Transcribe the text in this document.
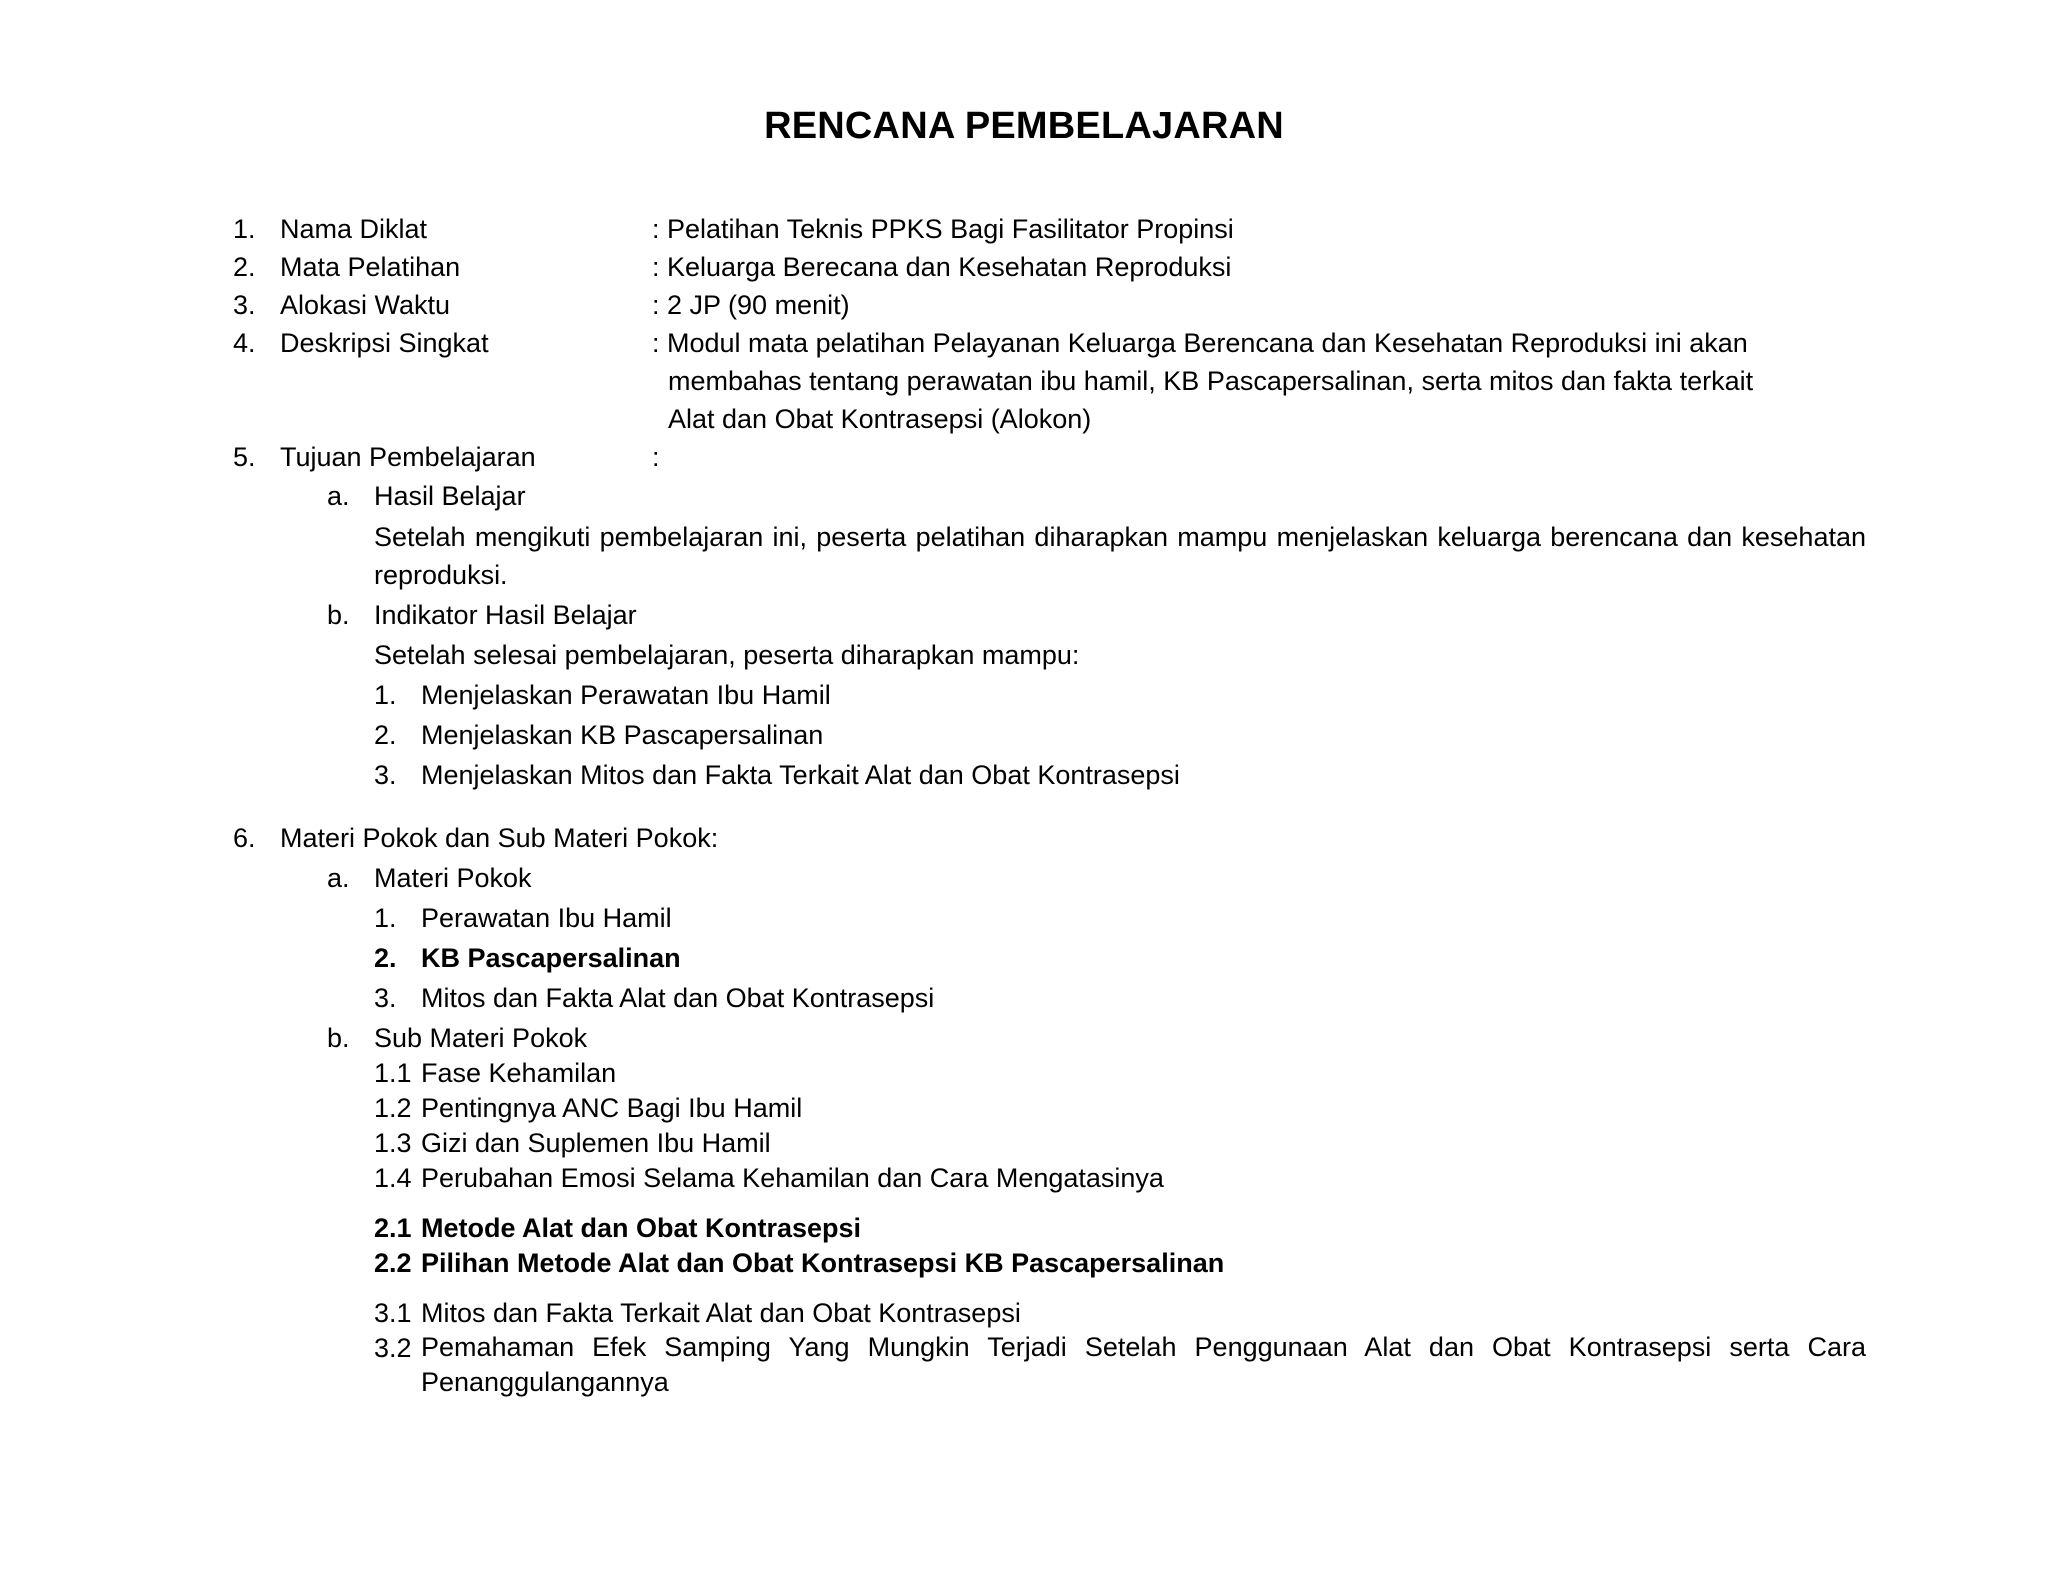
RENCANA PEMBELAJARAN
1. Nama Diklat	: Pelatihan Teknis PPKS Bagi Fasilitator Propinsi
2. Mata Pelatihan	: Keluarga Berecana dan Kesehatan Reproduksi
3. Alokasi Waktu	: 2 JP (90 menit)
4. Deskripsi Singkat	: Modul mata pelatihan Pelayanan Keluarga Berencana dan Kesehatan Reproduksi ini akan
membahas tentang perawatan ibu hamil, KB Pascapersalinan, serta mitos dan fakta terkait
Alat dan Obat Kontrasepsi (Alokon)
5. Tujuan Pembelajaran	:
a. Hasil Belajar
Setelah mengikuti pembelajaran ini, peserta pelatihan diharapkan mampu menjelaskan keluarga berencana dan kesehatan reproduksi.
b. Indikator Hasil Belajar
Setelah selesai pembelajaran, peserta diharapkan mampu:
1. Menjelaskan Perawatan Ibu Hamil
2. Menjelaskan KB Pascapersalinan
3. Menjelaskan Mitos dan Fakta Terkait Alat dan Obat Kontrasepsi
6. Materi Pokok dan Sub Materi Pokok:
a. Materi Pokok
1. Perawatan Ibu Hamil
2. KB Pascapersalinan
3. Mitos dan Fakta Alat dan Obat Kontrasepsi
b. Sub Materi Pokok
1.1 Fase Kehamilan
1.2 Pentingnya ANC Bagi Ibu Hamil
1.3 Gizi dan Suplemen Ibu Hamil
1.4 Perubahan Emosi Selama Kehamilan dan Cara Mengatasinya
2.1 Metode Alat dan Obat Kontrasepsi
2.2 Pilihan Metode Alat dan Obat Kontrasepsi KB Pascapersalinan
3.1 Mitos dan Fakta Terkait Alat dan Obat Kontrasepsi
3.2 Pemahaman Efek Samping Yang Mungkin Terjadi Setelah Penggunaan Alat dan Obat Kontrasepsi serta Cara Penanggulangannya
